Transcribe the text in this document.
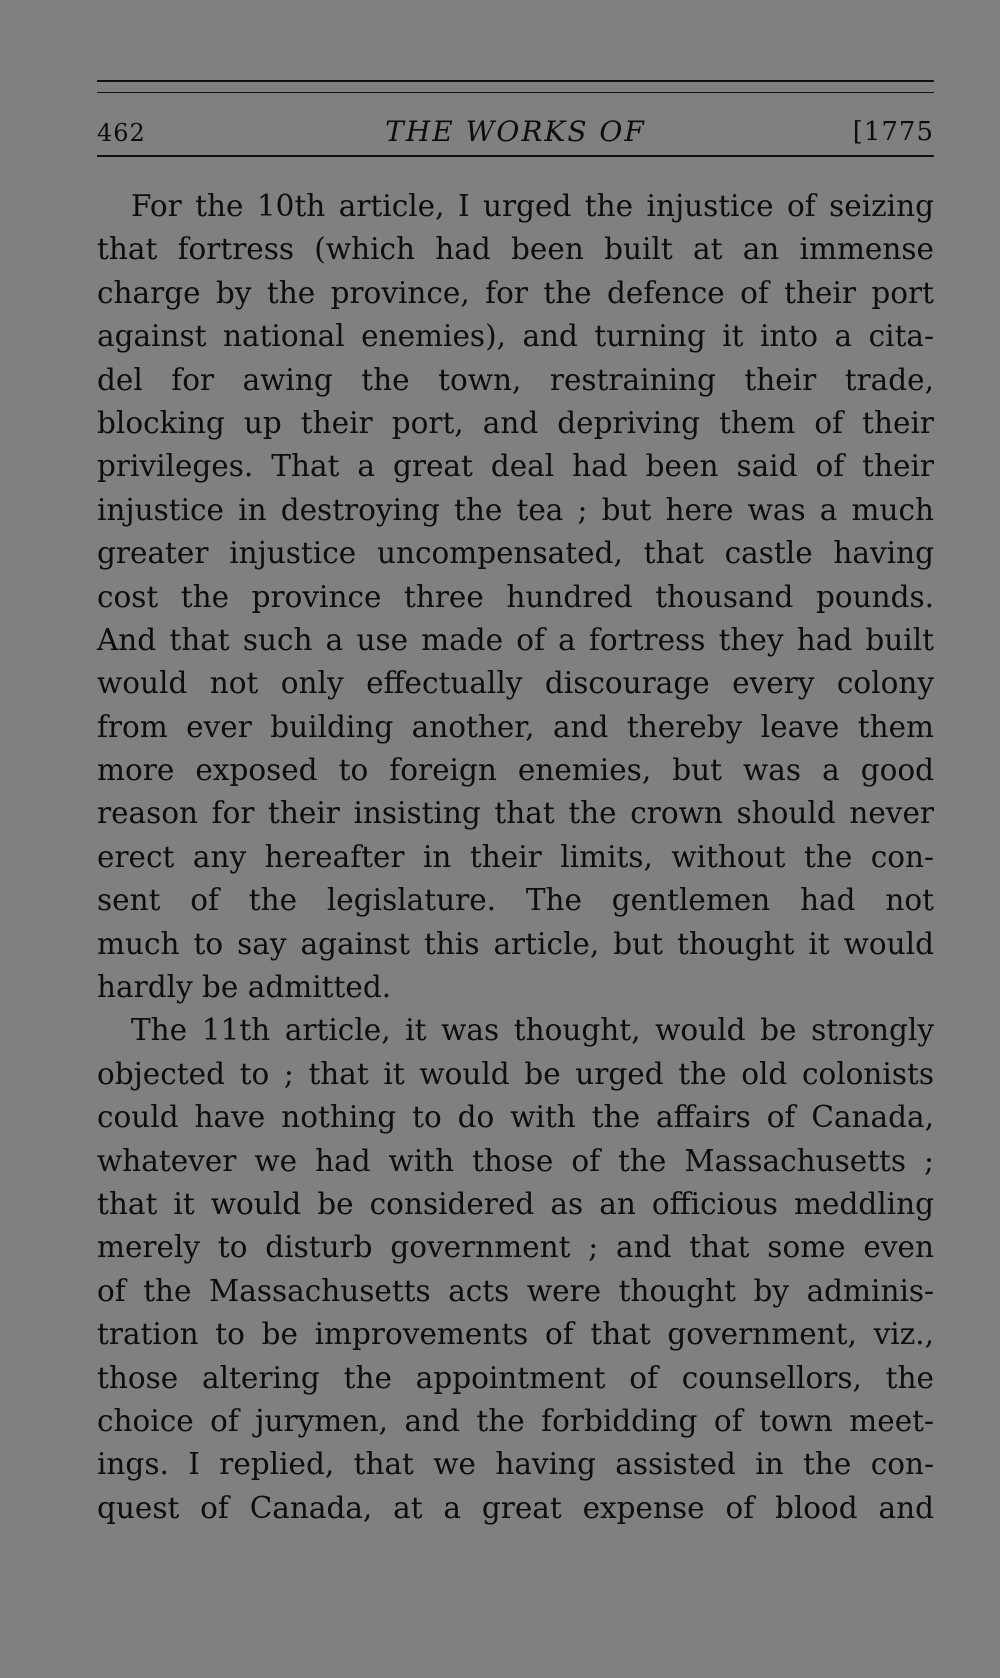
462	THE WORKS OF	[1775
For the 10th article, I urged the injustice of seizing
that fortress (which had been built at an immense
charge by the province, for the defence of their port
against national enemies), and turning it into a cita-
del for awing the town, restraining their trade,
blocking up their port, and depriving them of their
privileges. That a great deal had been said of their
injustice in destroying the tea ; but here was a much
greater injustice uncompensated, that castle having
cost the province three hundred thousand pounds.
And that such a use made of a fortress they had built
would not only effectually discourage every colony
from ever building another, and thereby leave them
more exposed to foreign enemies, but was a good
reason for their insisting that the crown should never
erect any hereafter in their limits, without the con-
sent of the legislature. The gentlemen had not
much to say against this article, but thought it would
hardly be admitted.
The 11th article, it was thought, would be strongly
objected to ; that it would be urged the old colonists
could have nothing to do with the affairs of Canada,
whatever we had with those of the Massachusetts ;
that it would be considered as an officious meddling
merely to disturb government ; and that some even
of the Massachusetts acts were thought by adminis-
tration to be improvements of that government, viz.,
those altering the appointment of counsellors, the
choice of jurymen, and the forbidding of town meet-
ings. I replied, that we having assisted in the con-
quest of Canada, at a great expense of blood and
